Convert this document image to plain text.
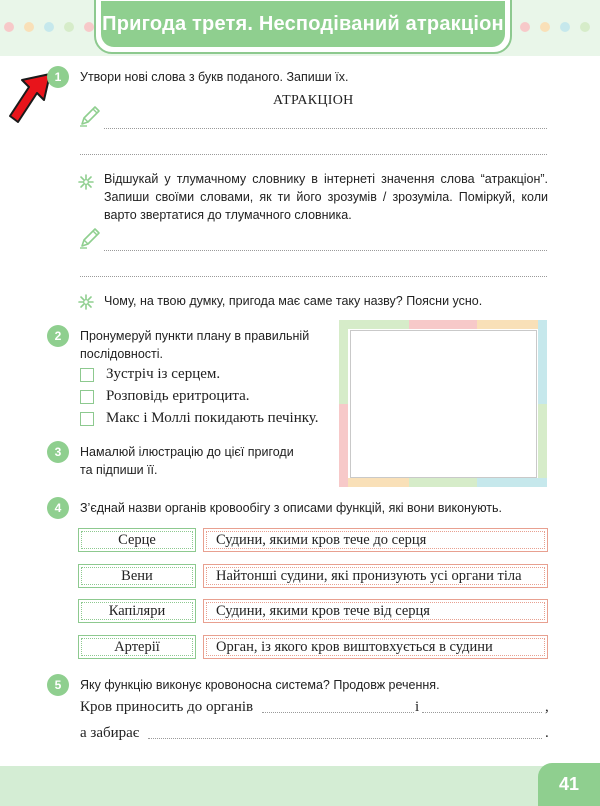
Пригода третя. Несподіваний атракціон
1	Утвори нові слова з букв поданого. Запиши їх.
АТРАКЦІОН
Відшукай у тлумачному словнику в інтернеті значення слова “атракціон”. Запиши своїми словами, як ти його зрозумів / зрозуміла. Поміркуй, коли варто звертатися до тлумачного словника.
Чому, на твою думку, пригода має саме таку назву? Поясни усно.
2	Пронумеруй пункти плану в правильній
послідовності.
Зустріч із серцем.
Розповідь еритроцита.
Макс і Моллі покидають печінку.
3	Намалюй ілюстрацію до цієї пригоди
та підпиши її.
4	З’єднай назви органів кровообігу з описами функцій, які вони виконують.
Серце	Судини, якими кров тече до серця
Вени	Найтонші судини, які пронизують усі органи тіла
Капіляри	Судини, якими кров тече від серця
Артерії	Орган, із якого кров виштовхується в судини
5	Яку функцію виконує кровоносна система? Продовж речення.
Кров приносить до органів	і	,
а забирає	.
41
